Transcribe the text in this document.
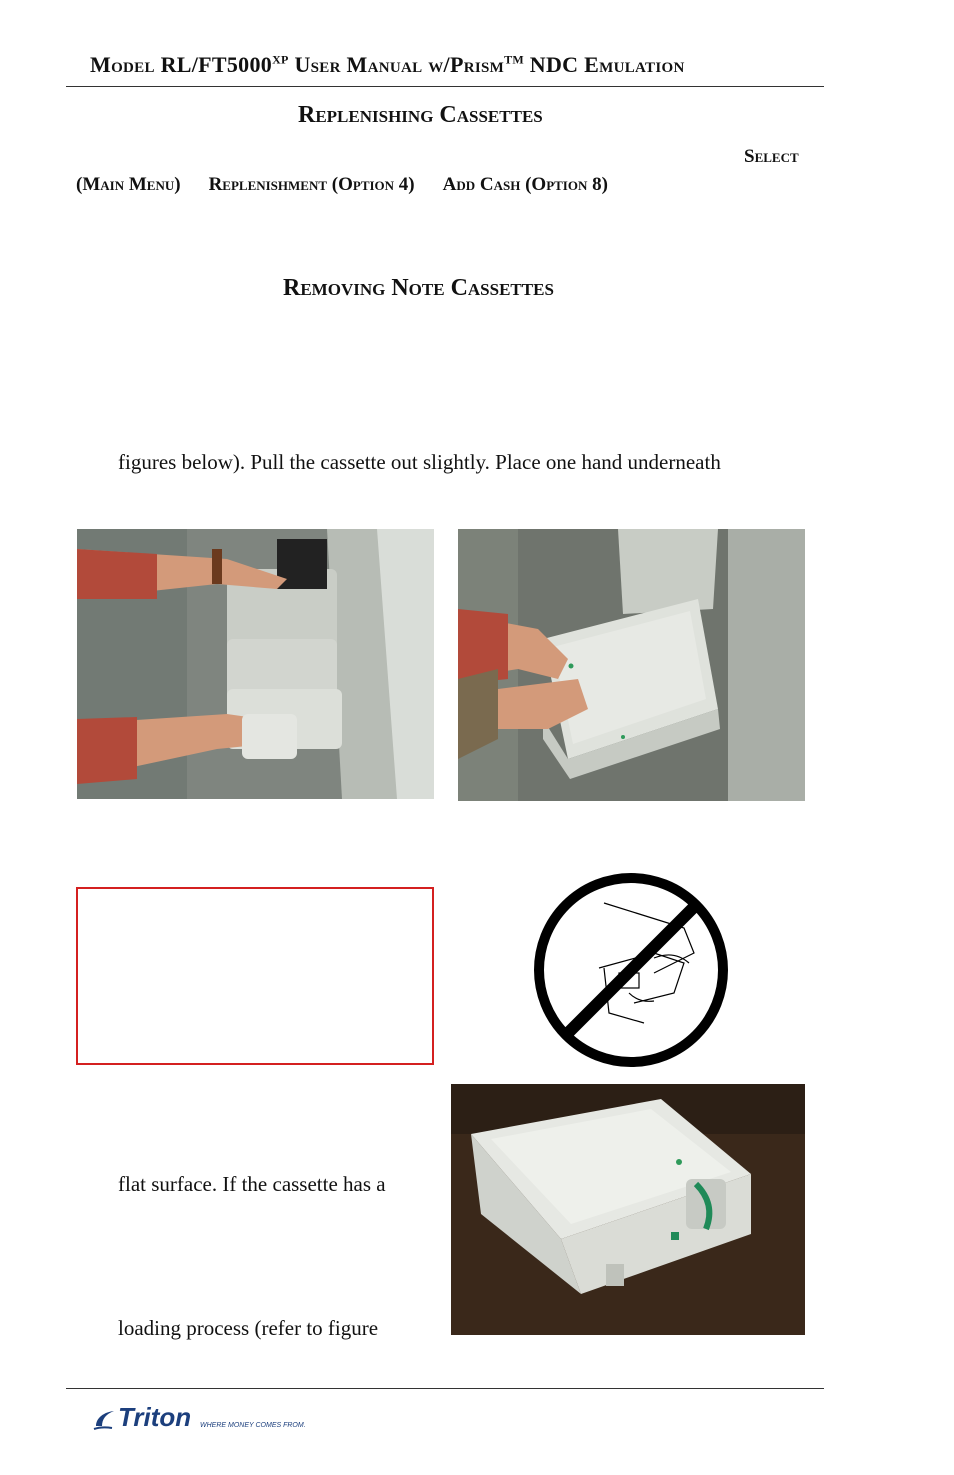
Model $RL/FT5000^{XP}$ User Manual w/Prism™ NDC Emulation
Replenishing Cassettes
Select
(Main Menu) Replenishment (Option 4) Add Cash (Option 8)
Removing Note Cassettes
figures below). Pull the cassette out slightly. Place one hand underneath
flat surface. If the cassette has a
loading process (refer to figure
Triton WHERE MONEY COMES FROM.
